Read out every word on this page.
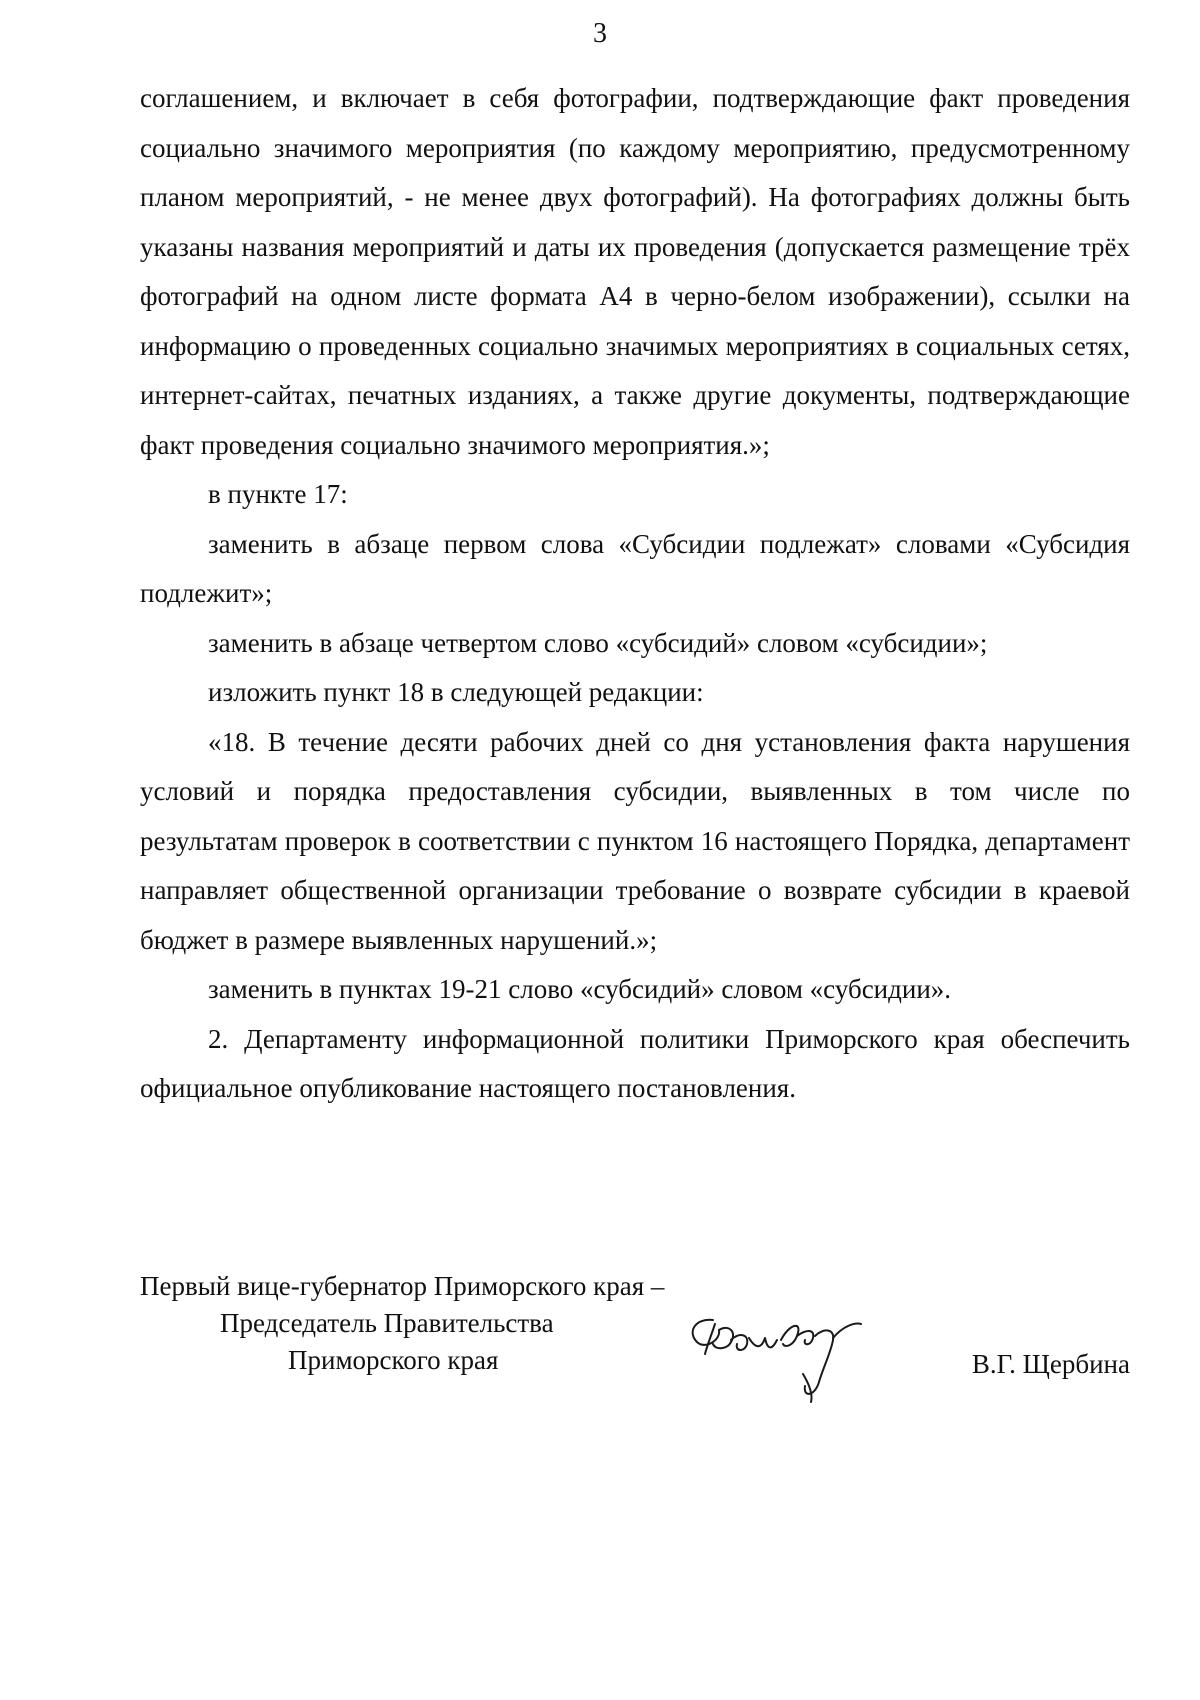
3

соглашением, и включает в себя фотографии, подтверждающие факт проведения социально значимого мероприятия (по каждому мероприятию, предусмотренному планом мероприятий, - не менее двух фотографий). На фотографиях должны быть указаны названия мероприятий и даты их проведения (допускается размещение трёх фотографий на одном листе формата А4 в черно-белом изображении), ссылки на информацию о проведенных социально значимых мероприятиях в социальных сетях, интернет-сайтах, печатных изданиях, а также другие документы, подтверждающие факт проведения социально значимого мероприятия.»;

в пункте 17:

заменить в абзаце первом слова «Субсидии подлежат» словами «Субсидия подлежит»;

заменить в абзаце четвертом слово «субсидий» словом «субсидии»;

изложить пункт 18 в следующей редакции:

«18. В течение десяти рабочих дней со дня установления факта нарушения условий и порядка предоставления субсидии, выявленных в том числе по результатам проверок в соответствии с пунктом 16 настоящего Порядка, департамент направляет общественной организации требование о возврате субсидии в краевой бюджет в размере выявленных нарушений.»;

заменить в пунктах 19-21 слово «субсидий» словом «субсидии».

2. Департаменту информационной политики Приморского края обеспечить официальное опубликование настоящего постановления.

Первый вице-губернатор Приморского края –
Председатель Правительства
Приморского края	В.Г. Щербина
